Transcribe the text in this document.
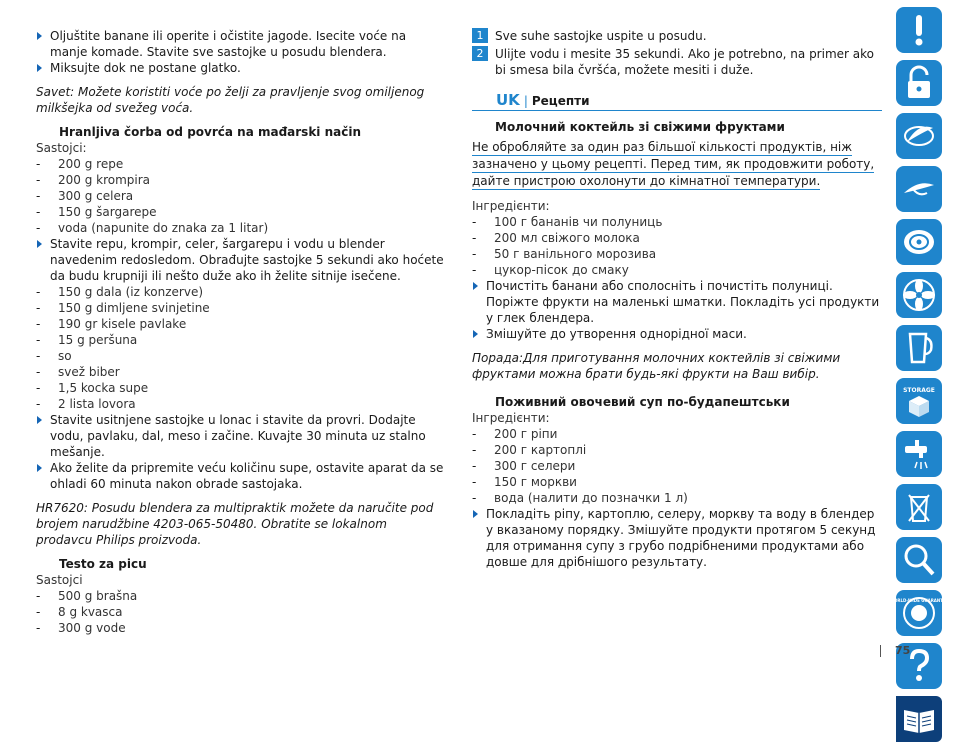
Oljuštite banane ili operite i očistite jagode. Isecite voće na manje komade. Stavite sve sastojke u posudu blendera.
Miksujte dok ne postane glatko.
Savet: Možete koristiti voće po želji za pravljenje svog omiljenog milkšejka od svežeg voća.
Hranljiva čorba od povrća na mađarski način
Sastojci:
-	200 g repe
-	200 g krompira
-	300 g celera
-	150 g šargarepe
-	voda (napunite do znaka za 1 litar)
Stavite repu, krompir, celer, šargarepu i vodu u blender navedenim redosledom. Obrađujte sastojke 5 sekundi ako hoćete da budu krupniji ili nešto duže ako ih želite sitnije isečene.
-	150 g dala (iz konzerve)
-	150 g dimljene svinjetine
-	190 gr kisele pavlake
-	15 g peršuna
-	so
-	svež biber
-	1,5 kocka supe
-	2 lista lovora
Stavite usitnjene sastojke u lonac i stavite da provri. Dodajte vodu, pavlaku, dal, meso i začine. Kuvajte 30 minuta uz stalno mešanje.
Ako želite da pripremite veću količinu supe, ostavite aparat da se ohladi 60 minuta nakon obrade sastojaka.
HR7620: Posudu blendera za multipraktik možete da naručite pod brojem narudžbine 4203-065-50480. Obratite se lokalnom prodavcu Philips proizvoda.
Testo za picu
Sastojci
-	500 g brašna
-	8 g kvasca
-	300 g vode
1 Sve suhe sastojke uspite u posudu.
2 Ulijte vodu i mesite 35 sekundi. Ako je potrebno, na primer ako bi smesa bila čvršća, možete mesiti i duže.
UK | Рецепти
Молочний коктейль зі свіжими фруктами
Не обробляйте за один раз більшої кількості продуктів, ніж
зазначено у цьому рецепті. Перед тим, як продовжити роботу,
дайте пристрою охолонути до кімнатної температури.
Інгредієнти:
-	100 г бананів чи полуниць
-	200 мл свіжого молока
-	50 г ванільного морозива
-	цукор-пісок до смаку
Почистіть банани або сполосніть і почистіть полуниці. Поріжте фрукти на маленькі шматки. Покладіть усі продукти у глек блендера.
Змішуйте до утворення однорідної маси.
Порада:Для приготування молочних коктейлів зі свіжими фруктами можна брати будь-які фрукти на Ваш вибір.
Поживний овочевий суп по-будапештськи
Інгредієнти:
-	200 г ріпи
-	200 г картоплі
-	300 г селери
-	150 г моркви
-	вода (налити до позначки 1 л)
Покладіть ріпу, картоплю, селеру, моркву та воду в блендер у вказаному порядку. Змішуйте продукти протягом 5 секунд для отримання супу з грубо подрібненими продуктами або довше для дрібнішого результату.
STORAGE
WORLD-WIDE GUARANTEE
75
